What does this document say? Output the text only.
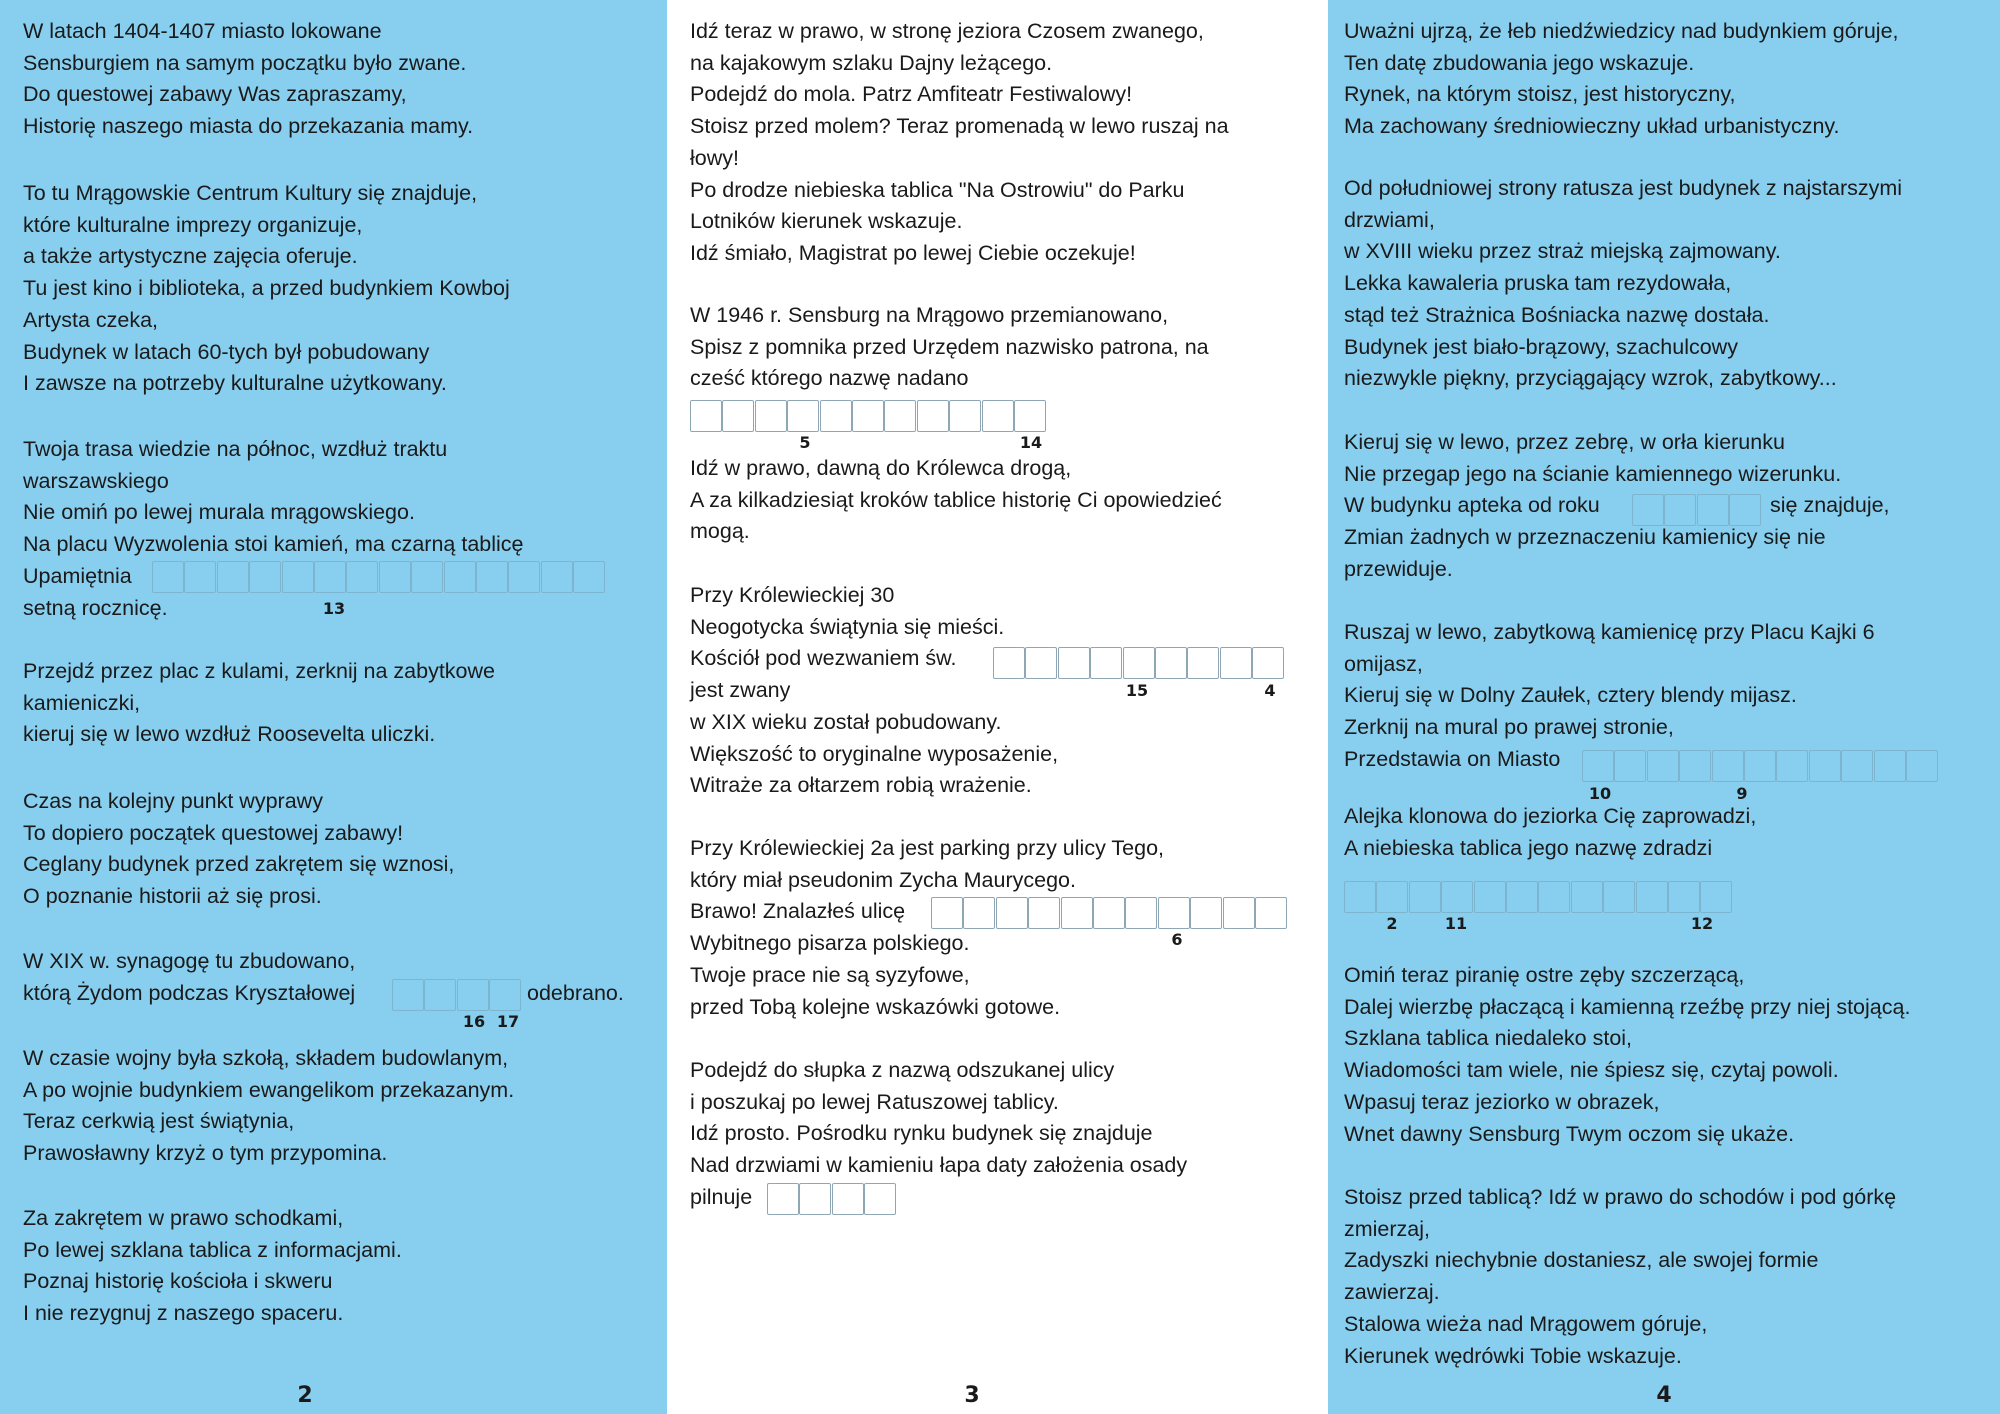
W latach 1404-1407 miasto lokowane
Sensburgiem na samym początku było zwane.
Do questowej zabawy Was zapraszamy,
Historię naszego miasta do przekazania mamy.
To tu Mrągowskie Centrum Kultury się znajduje,
które kulturalne imprezy organizuje,
a także artystyczne zajęcia oferuje.
Tu jest kino i biblioteka, a przed budynkiem Kowboj
Artysta czeka,
Budynek w latach 60-tych był pobudowany
I zawsze na potrzeby kulturalne użytkowany.
Twoja trasa wiedzie na północ, wzdłuż traktu
warszawskiego
Nie omiń po lewej murala mrągowskiego.
Na placu Wyzwolenia stoi kamień, ma czarną tablicę
Upamiętnia
setną rocznicę.	13
Przejdź przez plac z kulami, zerknij na zabytkowe
kamieniczki,
kieruj się w lewo wzdłuż Roosevelta uliczki.
Czas na kolejny punkt wyprawy
To dopiero początek questowej zabawy!
Ceglany budynek przed zakrętem się wznosi,
O poznanie historii aż się prosi.
W XIX w. synagogę tu zbudowano,
którą Żydom podczas Kryształowej	odebrano.
16 17
W czasie wojny była szkołą, składem budowlanym,
A po wojnie budynkiem ewangelikom przekazanym.
Teraz cerkwią jest świątynia,
Prawosławny krzyż o tym przypomina.
Za zakrętem w prawo schodkami,
Po lewej szklana tablica z informacjami.
Poznaj historię kościoła i skweru
I nie rezygnuj z naszego spaceru.
2
Idź teraz w prawo, w stronę jeziora Czosem zwanego,
na kajakowym szlaku Dajny leżącego.
Podejdź do mola. Patrz Amfiteatr Festiwalowy!
Stoisz przed molem? Teraz promenadą w lewo ruszaj na
łowy!
Po drodze niebieska tablica "Na Ostrowiu" do Parku
Lotników kierunek wskazuje.
Idź śmiało, Magistrat po lewej Ciebie oczekuje!
W 1946 r. Sensburg na Mrągowo przemianowano,
Spisz z pomnika przed Urzędem nazwisko patrona, na
cześć którego nazwę nadano
5	14
Idź w prawo, dawną do Królewca drogą,
A za kilkadziesiąt kroków tablice historię Ci opowiedzieć
mogą.
Przy Królewieckiej 30
Neogotycka świątynia się mieści.
Kościół pod wezwaniem św.
jest zwany
w XIX wieku został pobudowany.
Większość to oryginalne wyposażenie,
Witraże za ołtarzem robią wrażenie.
15	4
Przy Królewieckiej 2a jest parking przy ulicy Tego,
który miał pseudonim Zycha Maurycego.
Brawo! Znalazłeś ulicę
Wybitnego pisarza polskiego.
Twoje prace nie są syzyfowe,
przed Tobą kolejne wskazówki gotowe.
6
Podejdź do słupka z nazwą odszukanej ulicy
i poszukaj po lewej Ratuszowej tablicy.
Idź prosto. Pośrodku rynku budynek się znajduje
Nad drzwiami w kamieniu łapa daty założenia osady
pilnuje
3
Uważni ujrzą, że łeb niedźwiedzicy nad budynkiem góruje,
Ten datę zbudowania jego wskazuje.
Rynek, na którym stoisz, jest historyczny,
Ma zachowany średniowieczny układ urbanistyczny.
Od południowej strony ratusza jest budynek z najstarszymi
drzwiami,
w XVIII wieku przez straż miejską zajmowany.
Lekka kawaleria pruska tam rezydowała,
stąd też Strażnica Bośniacka nazwę dostała.
Budynek jest biało-brązowy, szachulcowy
niezwykle piękny, przyciągający wzrok, zabytkowy...
Kieruj się w lewo, przez zebrę, w orła kierunku
Nie przegap jego na ścianie kamiennego wizerunku.
W budynku apteka od roku
Zmian żadnych w przeznaczeniu kamienicy się nie
przewiduje.
się znajduje,
Ruszaj w lewo, zabytkową kamienicę przy Placu Kajki 6
omijasz,
Kieruj się w Dolny Zaułek, cztery blendy mijasz.
Zerknij na mural po prawej stronie,
Przedstawia on Miasto
10	9
Alejka klonowa do jeziorka Cię zaprowadzi,
A niebieska tablica jego nazwę zdradzi
2	11	12
Omiń teraz piranię ostre zęby szczerzącą,
Dalej wierzbę płaczącą i kamienną rzeźbę przy niej stojącą.
Szklana tablica niedaleko stoi,
Wiadomości tam wiele, nie śpiesz się, czytaj powoli.
Wpasuj teraz jeziorko w obrazek,
Wnet dawny Sensburg Twym oczom się ukaże.
Stoisz przed tablicą? Idź w prawo do schodów i pod górkę
zmierzaj,
Zadyszki niechybnie dostaniesz, ale swojej formie
zawierzaj.
Stalowa wieża nad Mrągowem góruje,
Kierunek wędrówki Tobie wskazuje.
4
